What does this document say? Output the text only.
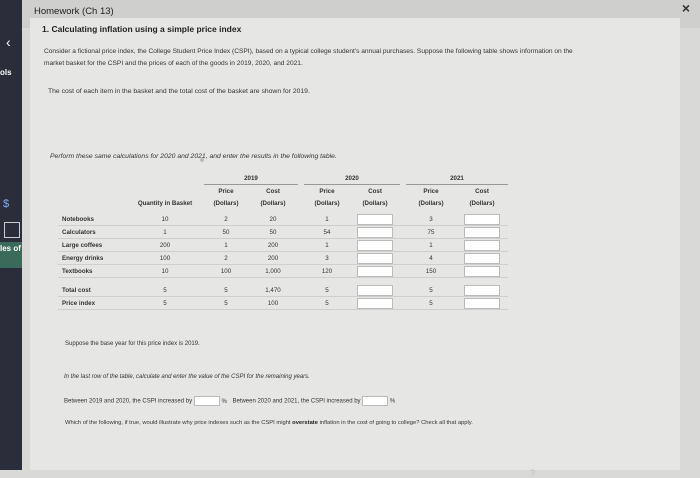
‹
ols
$
les of
Homework (Ch 13)	×
1. Calculating inflation using a simple price index
Consider a fictional price index, the College Student Price Index (CSPI), based on a typical college student's annual purchases. Suppose the following table shows information on the market basket for the CSPI and the prices of each of the goods in 2019, 2020, and 2021.
The cost of each item in the basket and the total cost of the basket are shown for 2019.
Perform these same calculations for 2020 and 2021, and enter the results in the following table.
		2019			2020			2021	
		Price	Cost		Price	Cost		Price	Cost
	Quantity in Basket	(Dollars)	(Dollars)		(Dollars)	(Dollars)		(Dollars)	(Dollars)

Notebooks	10	2	20		1			3	
Calculators	1	50	50		54			75	
Large coffees	200	1	200		1			1	
Energy drinks	100	2	200		3			4	
Textbooks	10	100	1,000		120			150	

Total cost	5	5	1,470		5			5	
Price index	5	5	100		5			5	
Suppose the base year for this price index is 2019.
In the last row of the table, calculate and enter the value of the CSPI for the remaining years.
Between 2019 and 2020, the CSPI increased by	% Between 2020 and 2021, the CSPI increased by	%
Which of the following, if true, would illustrate why price indexes such as the CSPI might overstate inflation in the cost of going to college? Check all that apply.
?
